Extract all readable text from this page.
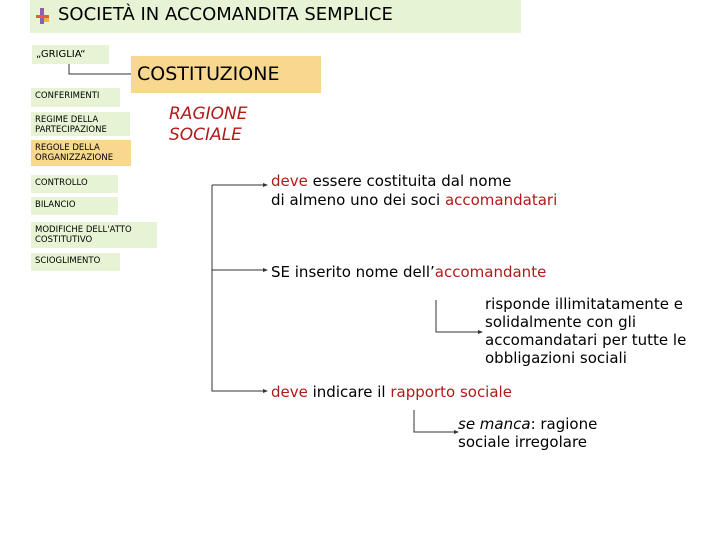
SOCIETÀ IN ACCOMANDITA SEMPLICE
„GRIGLIA“
CONFERIMENTI
REGIME DELLA
PARTECIPAZIONE
REGOLE DELLA
ORGANIZZAZIONE
CONTROLLO
BILANCIO
MODIFICHE DELL'ATTO
COSTITUTIVO
SCIOGLIMENTO
COSTITUZIONE
RAGIONE
SOCIALE
deve essere costituita dal nome
di almeno uno dei soci accomandatari
SE inserito nome dell’accomandante
risponde illimitatamente e
solidalmente con gli
accomandatari per tutte le
obbligazioni sociali
deve indicare il rapporto sociale
se manca: ragione
sociale irregolare
